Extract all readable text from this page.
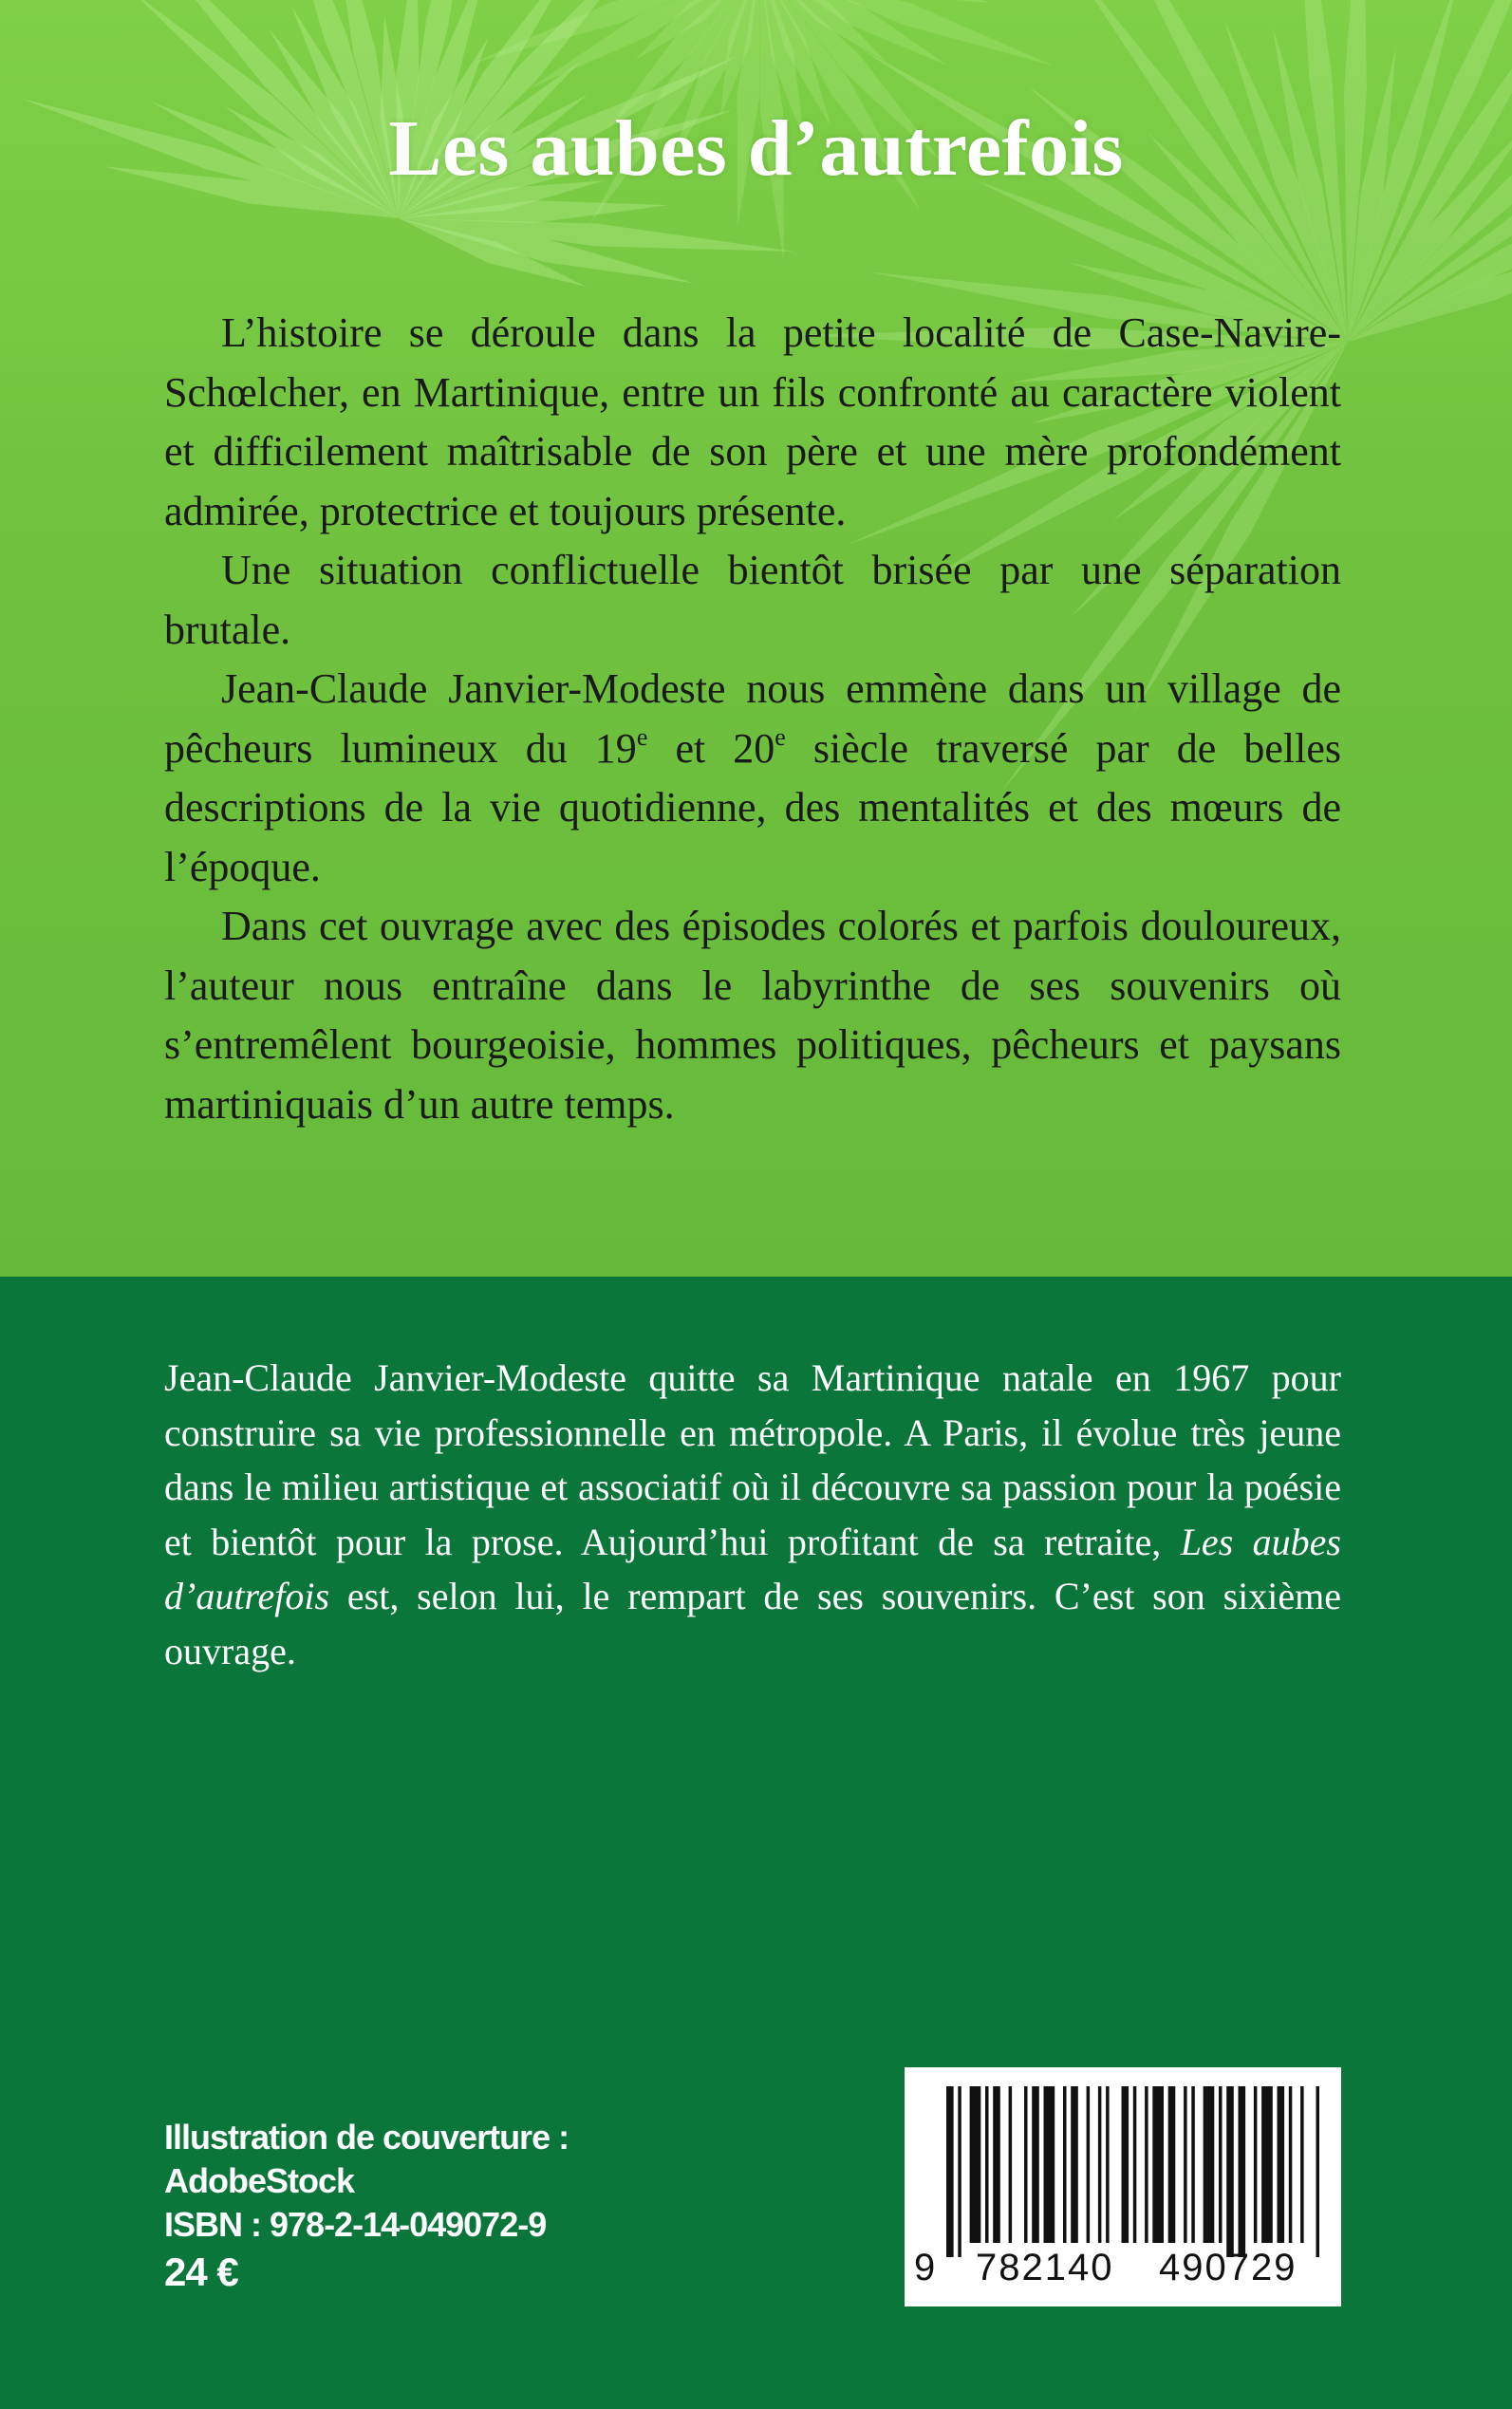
Les aubes d’autrefois

L’histoire se déroule dans la petite localité de Case-Navire-Schœlcher, en Martinique, entre un fils confronté au caractère violent et difficilement maîtrisable de son père et une mère profondément admirée, protectrice et toujours présente.

Une situation conflictuelle bientôt brisée par une séparation brutale.

Jean-Claude Janvier-Modeste nous emmène dans un village de pêcheurs lumineux du 19e et 20e siècle traversé par de belles descriptions de la vie quotidienne, des mentalités et des mœurs de l’époque.

Dans cet ouvrage avec des épisodes colorés et parfois douloureux, l’auteur nous entraîne dans le labyrinthe de ses souvenirs où s’entremêlent bourgeoisie, hommes politiques, pêcheurs et paysans martiniquais d’un autre temps.

Jean-Claude Janvier-Modeste quitte sa Martinique natale en 1967 pour construire sa vie professionnelle en métropole. A Paris, il évolue très jeune dans le milieu artistique et associatif où il découvre sa passion pour la poésie et bientôt pour la prose. Aujourd’hui profitant de sa retraite, Les aubes d’autrefois est, selon lui, le rempart de ses souvenirs. C’est son sixième ouvrage.

Illustration de couverture :
AdobeStock
ISBN : 978-2-14-049072-9
24 €	9 782140 490729
